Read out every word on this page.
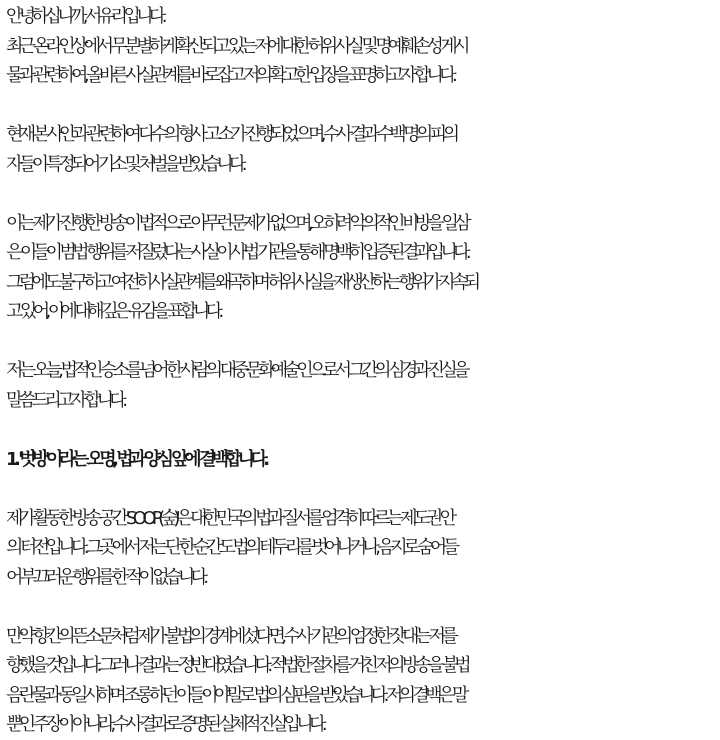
안녕하십니까, 서유리입니다.
최근 온라인상에서 무분별하게 확산되고 있는 저에 대한 허위 사실 및 명예훼손성 게시
물과 관련하여, 올바른 사실관계를 바로잡고 저의 확고한 입장을 표명하고자 합니다.
현재 본 사안과 관련하여 다수의 형사 고소가 진행되었으며, 수사 결과 수백 명의 피의
자들이 특정되어 기소 및 처벌을 받았습니다.
이는 제가 진행한 방송이 법적으로 아무런 문제가 없으며, 오히려 악의적인 비방을 일삼
은 이들이 범법 행위를 저질렀다는 사실이 사법 기관을 통해 명백히 입증된 결과입니다.
그럼에도 불구하고 여전히 사실관계를 왜곡하며 허위 사실을 재생산하는 행위가 지속되
고 있어, 이에 대해 깊은 유감을 표합니다.
저는 오늘, 법적인 승소를 넘어 한 사람의 대중문화예술인으로서 그간의 심경과 진실을
말씀드리고자 합니다.
1. '벗방'이라는 오명, 법과 양심 앞에 결백합니다.
제가 활동한 방송 공간 'SOOP(숲)'은 대한민국의 법과 질서를 엄격히 따르는 제도권 안
의 터전입니다. 그곳에서 저는 단 한 순간도 법의 테두리를 벗어나거나, 음지로 숨어들
어 부끄러운 행위를 한 적이 없습니다.
만약 항간의 뜬소문처럼 제가 불법의 경계에 섰다면, 수사 기관의 엄정한 잣대는 저를
향했을 것입니다. 그러나 결과는 정반대였습니다. 적법한 절차를 거친 저의 방송을 불법
음란물과 동일시하며 조롱하던 이들이야말로 법의 심판을 받았습니다. 저의 결백은 말
뿐인 주장이 아니라, 수사 결과로 증명된 실체적 진실입니다.
